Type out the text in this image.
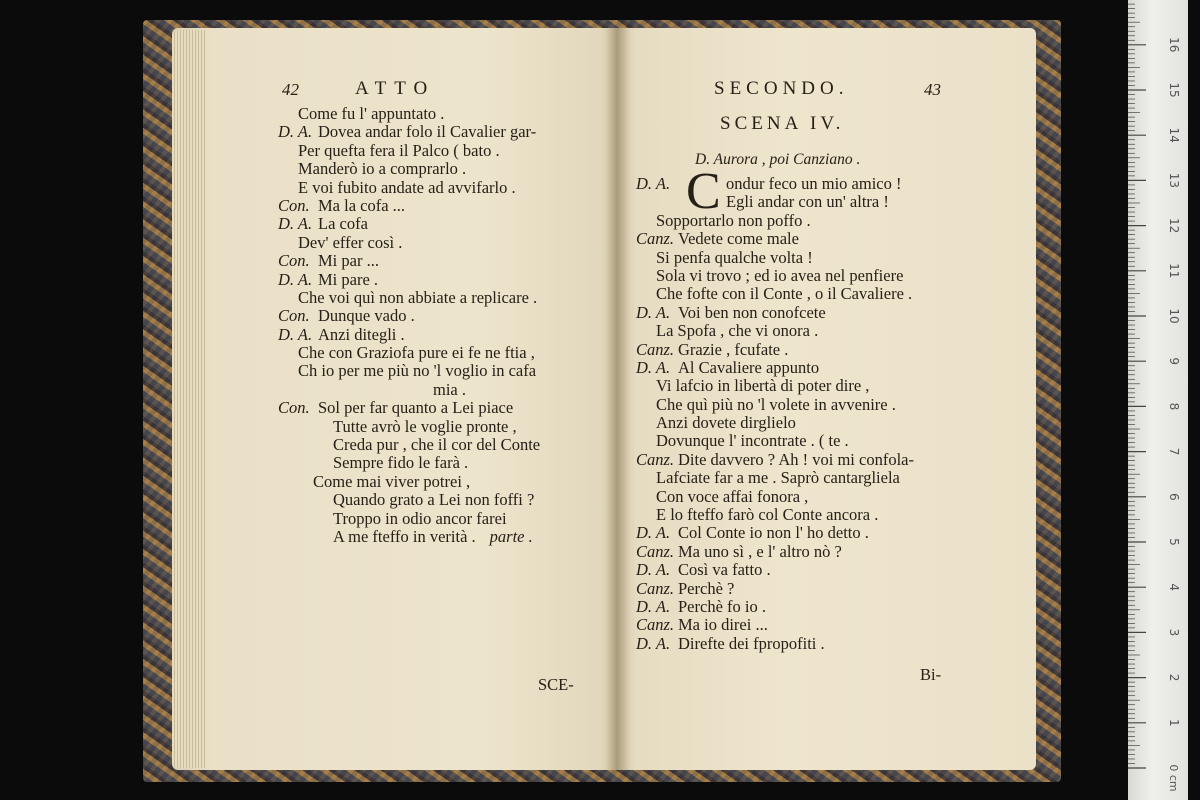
42	ATTO
Come fu l' appuntato .
D. A. Dovea andar folo il Cavalier gar-
Per quefta fera il Palco ( bato .
Manderò io a comprarlo .
E voi fubito andate ad avvifarlo .
Con. Ma la cofa ...
D. A. La cofa
Dev' effer così .
Con. Mi par ...
D. A. Mi pare .
Che voi quì non abbiate a replicare .
Con. Dunque vado .
D. A. Anzi ditegli .
Che con Graziofa pure ei fe ne ftia ,
Ch io per me più no 'l voglio in cafa
mia .
Con. Sol per far quanto a Lei piace
Tutte avrò le voglie pronte ,
Creda pur , che il cor del Conte
Sempre fido le farà .
Come mai viver potrei ,
Quando grato a Lei non foffi ?
Troppo in odio ancor farei
A me fteffo in verità . parte .
SCE-
SECONDO.	43
SCENA IV.
D. Aurora , poi Canziano .
C
D. A.	ondur feco un mio amico !
Egli andar con un' altra !
Sopportarlo non poffo .
Canz. Vedete come male
Si penfa qualche volta !
Sola vi trovo ; ed io avea nel penfiere
Che fofte con il Conte , o il Cavaliere .
D. A. Voi ben non conofcete
La Spofa , che vi onora .
Canz. Grazie , fcufate .
D. A. Al Cavaliere appunto
Vi lafcio in libertà di poter dire ,
Che quì più no 'l volete in avvenire .
Anzi dovete dirglielo
Dovunque l' incontrate . ( te .
Canz. Dite davvero ? Ah ! voi mi confola-
Lafciate far a me . Saprò cantargliela
Con voce affai fonora ,
E lo fteffo farò col Conte ancora .
D. A. Col Conte io non l' ho detto .
Canz. Ma uno sì , e l' altro nò ?
D. A. Così va fatto .
Canz. Perchè ?
D. A. Perchè fo io .
Canz. Ma io direi ...
D. A. Direfte dei fpropofiti .
Bi-
1
2
3
4
5
6
7
8
9
10
11
12
13
14
15
16
0 cm
